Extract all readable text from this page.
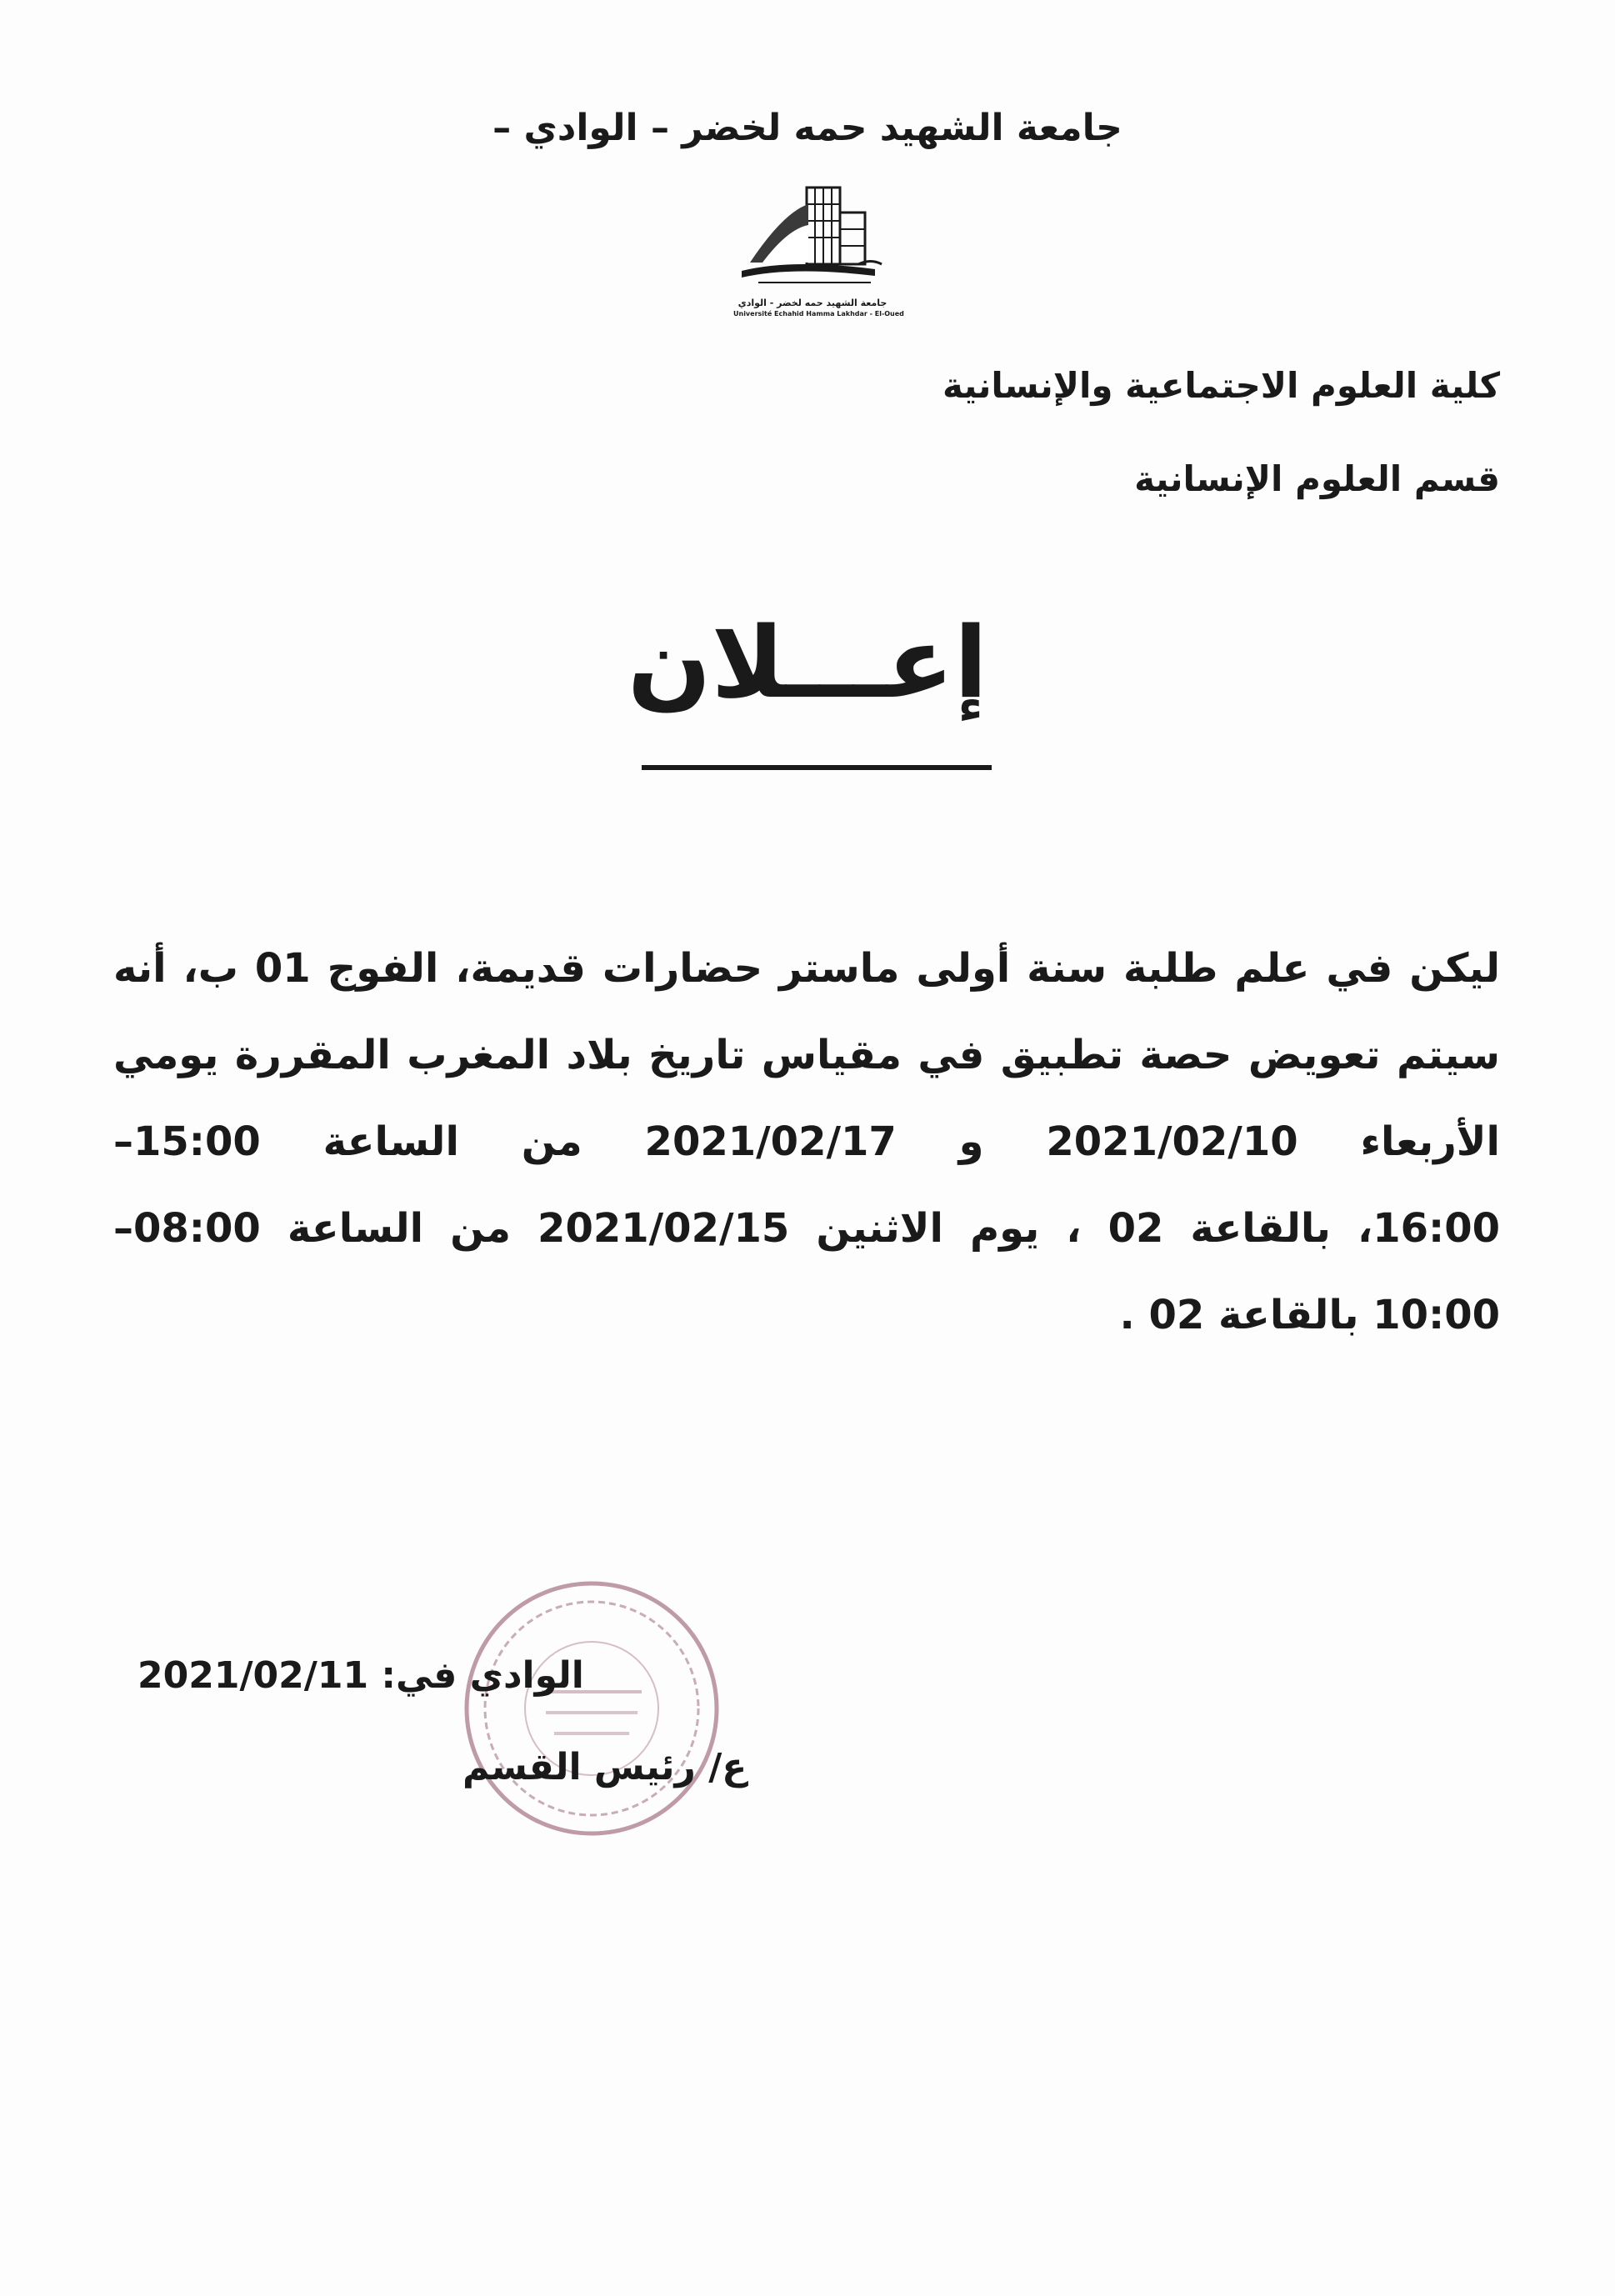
جامعة الشهيد حمه لخضر – الوادي –
جامعة الشهيد حمه لخضر - الوادي
Université Echahid Hamma Lakhdar - El-Oued
كلية العلوم الاجتماعية والإنسانية
قسم العلوم الإنسانية
إعـــلان
ليكن في علم طلبة سنة أولى ماستر حضارات قديمة، الفوج 01 ب، أنه
سيتم تعويض حصة تطبيق في مقياس تاريخ بلاد المغرب المقررة يومي
الأربعاء 2021/02/10 و 2021/02/17 من الساعة 15:00–
16:00، بالقاعة 02 ، يوم الاثنين 2021/02/15 من الساعة 08:00–
10:00 بالقاعة 02 .
الوادي في: 2021/02/11
ع/ رئيس القسم
